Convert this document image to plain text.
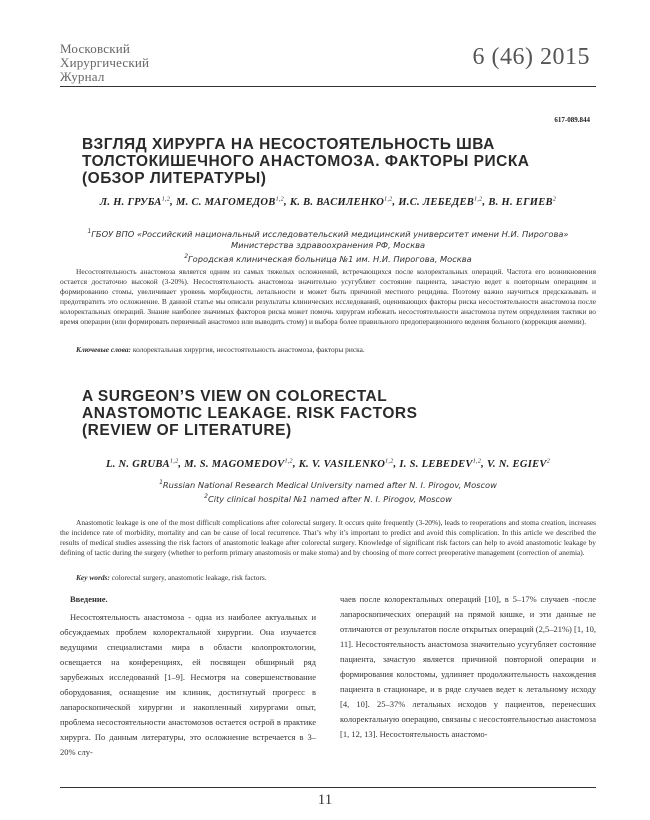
Московский
Хирургический
Журнал
6 (46) 2015
617-089.844
ВЗГЛЯД ХИРУРГА НА НЕСОСТОЯТЕЛЬНОСТЬ ШВА
ТОЛСТОКИШЕЧНОГО АНАСТОМОЗА. ФАКТОРЫ РИСКА
(ОБЗОР ЛИТЕРАТУРЫ)
Л. Н. ГРУБА$^{1,2}$, М. С. МАГОМЕДОВ$^{1,2}$, К. В. ВАСИЛЕНКО$^{1,2}$, И.С. ЛЕБЕДЕВ$^{1,2}$, В. Н. ЕГИЕВ$^2$
$^1$ГБОУ ВПО «Российский национальный исследовательский медицинский университет имени Н.И. Пирогова»
Министерства здравоохранения РФ, Москва
$^2$Городская клиническая больница №1 им. Н.И. Пирогова, Москва
Несостоятельность анастомоза является одним из самых тяжелых осложнений, встречающихся после колоректальных операций. Частота его возникновения остается достаточно высокой (3-20%). Несостоятельность анастомоза значительно усугубляет состояние пациента, зачастую ведет к повторным операциям и формированию стомы, увеличивает уровень морбидности, летальности и может быть причиной местного рецидива. Поэтому важно научиться предсказывать и предотвратить это осложнение. В данной статье мы описали результаты клинических исследований, оценивающих факторы риска несостоятельности анастомоза после колоректальных операций. Знание наиболее значимых факторов риска может помочь хирургам избежать несостоятельности анастомоза путем определения тактики во время операции (или формировать первичный анастомоз или выводить стому) и выбора более правильного предоперационного ведения больного (коррекция анемии).
Ключевые слова: колоректальная хирургия, несостоятельность анастомоза, факторы риска.
A SURGEON’S VIEW ON COLORECTAL
ANASTOMOTIC LEAKAGE. RISK FACTORS
(REVIEW OF LITERATURE)
L. N. GRUBA$^{1,2}$, M. S. MAGOMEDOV$^{1,2}$, K. V. VASILENKO$^{1,2}$, I. S. LEBEDEV$^{1,2}$, V. N. EGIEV$^2$
$^1$Russian National Research Medical University named after N. I. Pirogov, Moscow
$^2$City clinical hospital №1 named after N. I. Pirogov, Moscow
Anastomotic leakage is one of the most difficult complications after colorectal surgery. It occurs quite frequently (3-20%), leads to reoperations and stoma creation, increases the incidence rate of morbidity, mortality and can be cause of local recurrence. That’s why it’s important to predict and avoid this complication. In this article we described the results of medical studies assessing the risk factors of anastomotic leakage after colorectal surgery. Knowledge of significant risk factors can help to avoid anastomotic leakage by defining of tactic during the surgery (whether to perform primary anastomosis or make stoma) and by choosing of more correct preoperative management (correction of anemia).
Key words: colorectal surgery, anastomotic leakage, risk factors.
Введение.

Несостоятельность анастомоза - одна из наиболее актуальных и обсуждаемых проблем колоректальной хирургии. Она изучается ведущими специалистами мира в области колопроктологии, освещается на конференциях, ей посвящен обширный ряд зарубежных исследований [1–9]. Несмотря на совершенствование оборудования, оснащение им клиник, достигнутый прогресс в лапароскопической хирургии и накопленный хирургами опыт, проблема несостоятельности анастомозов остается острой в практике хирурга. По данным литературы, это осложнение встречается в 3–20% слу-

чаев после колоректальных операций [10], в 5–17% случаев -после лапароскопических операций на прямой кишке, и эти данные не отличаются от результатов после открытых операций (2,5–21%) [1, 10, 11]. Несостоятельность анастомоза значительно усугубляет состояние пациента, зачастую является причиной повторной операции и формирования колостомы, удлиняет продолжительность нахождения пациента в стационаре, и в ряде случаев ведет к летальному исходу [4, 10]. 25–37% летальных исходов у пациентов, перенесших колоректальную операцию, связаны с несостоятельностью анастомоза [1, 12, 13]. Несостоятельность анастомо-

11
